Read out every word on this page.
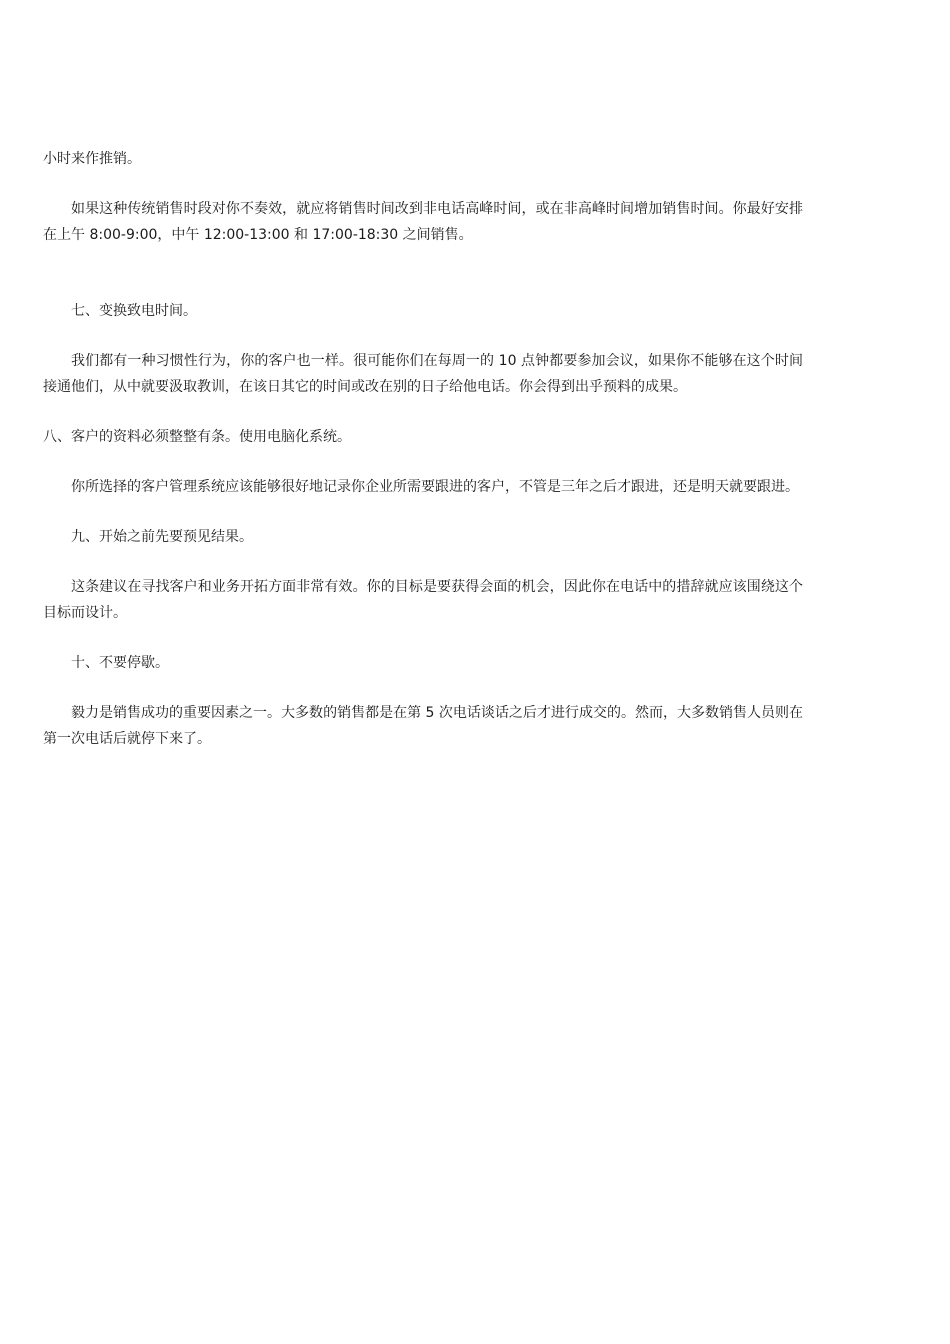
小时来作推销。

如果这种传统销售时段对你不奏效，就应将销售时间改到非电话高峰时间，或在非高峰时间增加销售时间。你最好安排在上午 8:00-9:00，中午 12:00-13:00 和 17:00-18:30 之间销售。

七、变换致电时间。

我们都有一种习惯性行为，你的客户也一样。很可能你们在每周一的 10 点钟都要参加会议，如果你不能够在这个时间接通他们，从中就要汲取教训，在该日其它的时间或改在别的日子给他电话。你会得到出乎预料的成果。

八、客户的资料必须整整有条。使用电脑化系统。

你所选择的客户管理系统应该能够很好地记录你企业所需要跟进的客户，不管是三年之后才跟进，还是明天就要跟进。

九、开始之前先要预见结果。

这条建议在寻找客户和业务开拓方面非常有效。你的目标是要获得会面的机会，因此你在电话中的措辞就应该围绕这个目标而设计。

十、不要停歇。

毅力是销售成功的重要因素之一。大多数的销售都是在第 5 次电话谈话之后才进行成交的。然而，大多数销售人员则在第一次电话后就停下来了。
